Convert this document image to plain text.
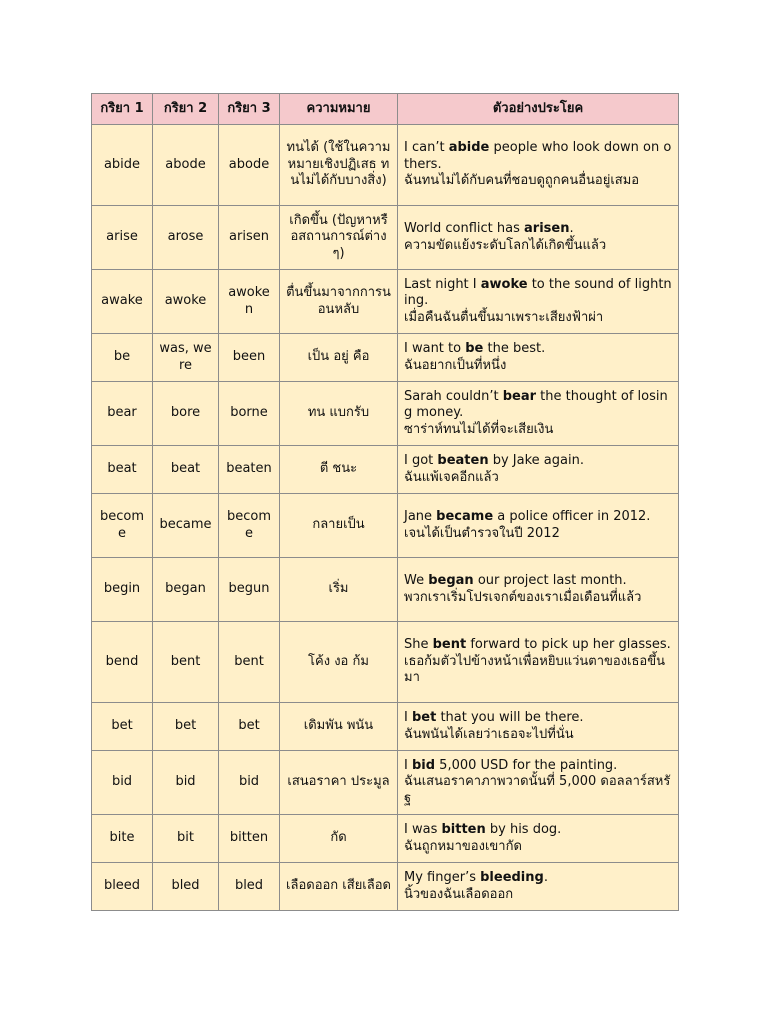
กริยา 1	กริยา 2	กริยา 3	ความหมาย	ตัวอย่างประโยค
abide	abode	abode	ทนได้ (ใช้ในความหมายเชิงปฏิเสธ ทนไม่ได้กับบางสิ่ง)	I can’t abide people who look down on others.
ฉันทนไม่ได้กับคนที่ชอบดูถูกคนอื่นอยู่เสมอ

arise	arose	arisen	เกิดขึ้น (ปัญหาหรือสถานการณ์ต่างๆ)	World conflict has arisen.
ความขัดแย้งระดับโลกได้เกิดขึ้นแล้ว

awake	awoke	awoken	ตื่นขึ้นมาจากการนอนหลับ	Last night I awoke to the sound of lightning.
เมื่อคืนฉันตื่นขึ้นมาเพราะเสียงฟ้าผ่า

be	was, were	been	เป็น อยู่ คือ	I want to be the best.
ฉันอยากเป็นที่หนึ่ง

bear	bore	borne	ทน แบกรับ	Sarah couldn’t bear the thought of losing money.
ซาร่าห์ทนไม่ได้ที่จะเสียเงิน

beat	beat	beaten	ตี ชนะ	I got beaten by Jake again.
ฉันแพ้เจคอีกแล้ว

become	became	become	กลายเป็น	Jane became a police officer in 2012.
เจนได้เป็นตำรวจในปี 2012

begin	began	begun	เริ่ม	We began our project last month.
พวกเราเริ่มโปรเจกต์ของเราเมื่อเดือนที่แล้ว

bend	bent	bent	โค้ง งอ ก้ม	She bent forward to pick up her glasses.
เธอก้มตัวไปข้างหน้าเพื่อหยิบแว่นตาของเธอขึ้นมา

bet	bet	bet	เดิมพัน พนัน	I bet that you will be there.
ฉันพนันได้เลยว่าเธอจะไปที่นั่น

bid	bid	bid	เสนอราคา ประมูล	I bid 5,000 USD for the painting.
ฉันเสนอราคาภาพวาดนั้นที่ 5,000 ดอลลาร์สหรัฐ

bite	bit	bitten	กัด	I was bitten by his dog.
ฉันถูกหมาของเขากัด

bleed	bled	bled	เลือดออก เสียเลือด	My finger’s bleeding.
นิ้วของฉันเลือดออก
